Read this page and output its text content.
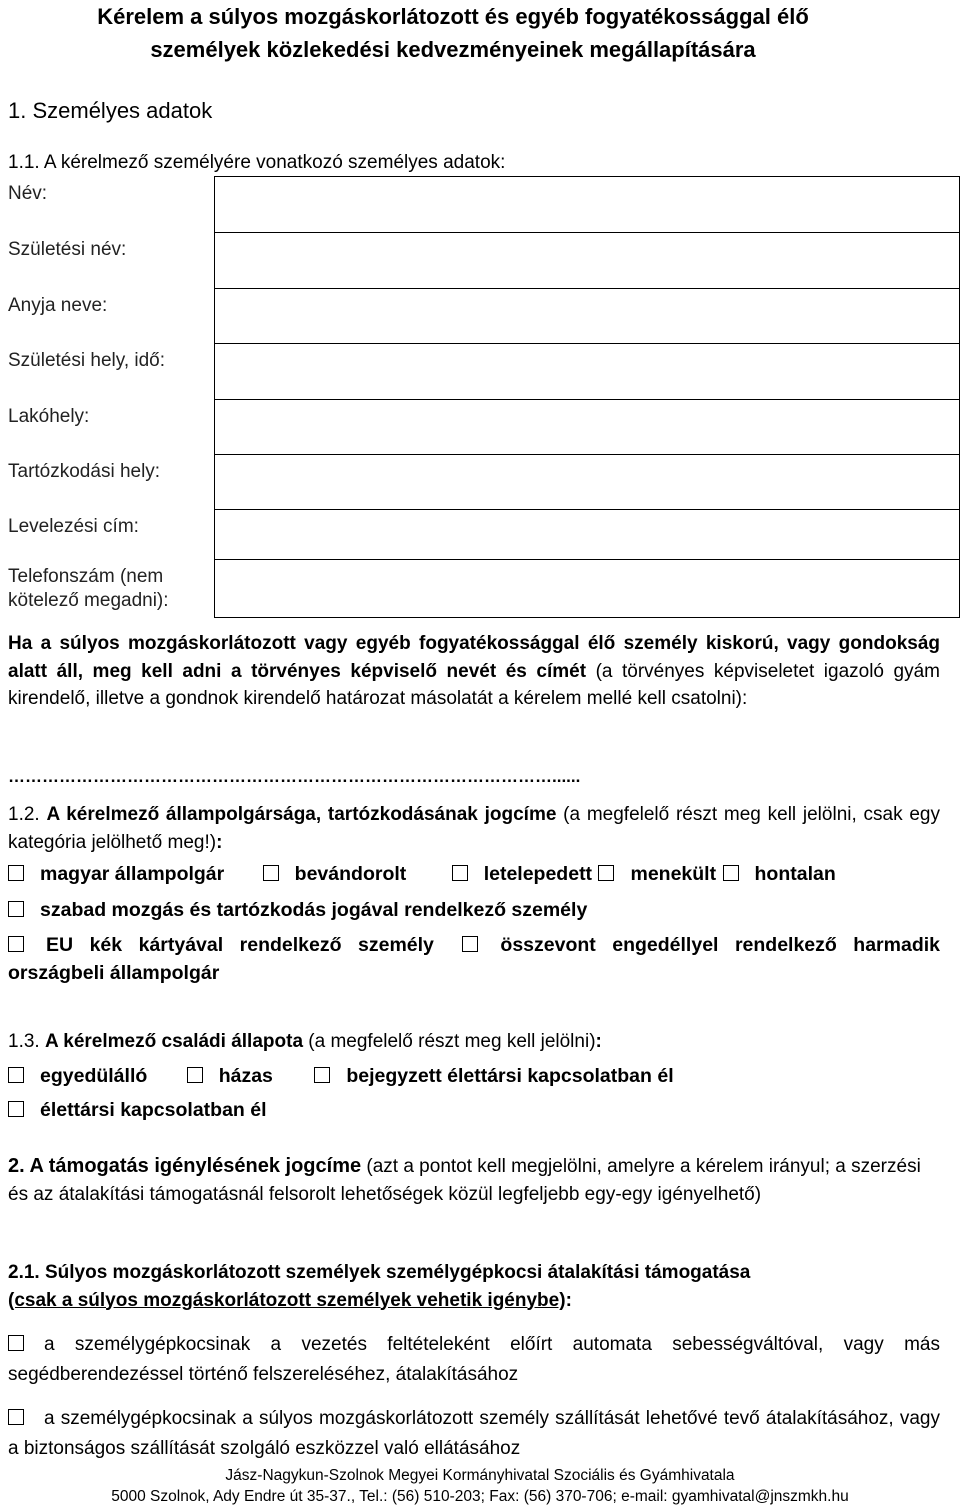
Kérelem a súlyos mozgáskorlátozott és egyéb fogyatékossággal élő
személyek közlekedési kedvezményeinek megállapítására
1. Személyes adatok
1.1. A kérelmező személyére vonatkozó személyes adatok:
Név:	
Születési név:	
Anyja neve:	
Születési hely, idő:	
Lakóhely:	
Tartózkodási hely:	
Levelezési cím:	
Telefonszám (nem kötelező megadni):	
Ha a súlyos mozgáskorlátozott vagy egyéb fogyatékossággal élő személy kiskorú, vagy gondokság alatt áll, meg kell adni a törvényes képviselő nevét és címét (a törvényes képviseletet igazoló gyám kirendelő, illetve a gondnok kirendelő határozat másolatát a kérelem mellé kell csatolni):
……………………………………………………………………………………......
1.2. A kérelmező állampolgársága, tartózkodásának jogcíme (a megfelelő részt meg kell jelölni, csak egy kategória jelölhető meg!):
magyar állampolgár	bevándorolt	letelepedett menekült hontalan
szabad mozgás és tartózkodás jogával rendelkező személy
EU kék kártyával rendelkező személy	összevont engedéllyel rendelkező harmadik országbeli állampolgár
1.3. A kérelmező családi állapota (a megfelelő részt meg kell jelölni):
egyedülálló	házas	bejegyzett élettársi kapcsolatban él
élettársi kapcsolatban él
2. A támogatás igénylésének jogcíme (azt a pontot kell megjelölni, amelyre a kérelem irányul; a szerzési és az átalakítási támogatásnál felsorolt lehetőségek közül legfeljebb egy-egy igényelhető)
2.1. Súlyos mozgáskorlátozott személyek személygépkocsi átalakítási támogatása
(csak a súlyos mozgáskorlátozott személyek vehetik igénybe):
a személygépkocsinak a vezetés feltételeként előírt automata sebességváltóval, vagy más segédberendezéssel történő felszereléséhez, átalakításához
a személygépkocsinak a súlyos mozgáskorlátozott személy szállítását lehetővé tevő átalakításához, vagy a biztonságos szállítását szolgáló eszközzel való ellátásához
Jász-Nagykun-Szolnok Megyei Kormányhivatal Szociális és Gyámhivatala
5000 Szolnok, Ady Endre út 35-37., Tel.: (56) 510-203; Fax: (56) 370-706; e-mail: gyamhivatal@jnszmkh.hu
